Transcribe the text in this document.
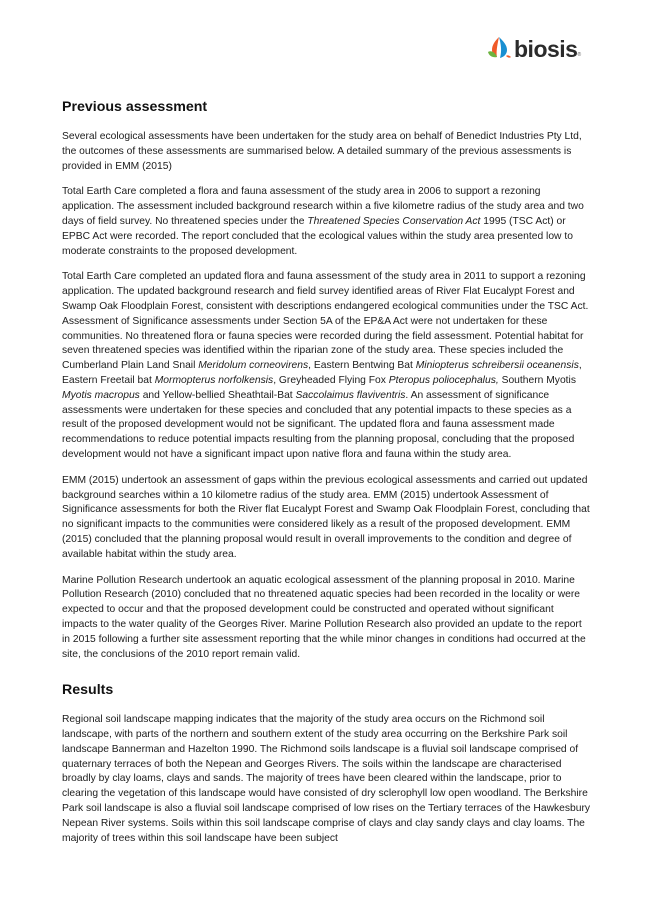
biosis ®
Previous assessment

Several ecological assessments have been undertaken for the study area on behalf of Benedict Industries Pty Ltd, the outcomes of these assessments are summarised below. A detailed summary of the previous assessments is provided in EMM (2015)

Total Earth Care completed a flora and fauna assessment of the study area in 2006 to support a rezoning application. The assessment included background research within a five kilometre radius of the study area and two days of field survey. No threatened species under the Threatened Species Conservation Act 1995 (TSC Act) or EPBC Act were recorded. The report concluded that the ecological values within the study area presented low to moderate constraints to the proposed development.

Total Earth Care completed an updated flora and fauna assessment of the study area in 2011 to support a rezoning application. The updated background research and field survey identified areas of River Flat Eucalypt Forest and Swamp Oak Floodplain Forest, consistent with descriptions endangered ecological communities under the TSC Act. Assessment of Significance assessments under Section 5A of the EP&A Act were not undertaken for these communities. No threatened flora or fauna species were recorded during the field assessment. Potential habitat for seven threatened species was identified within the riparian zone of the study area. These species included the Cumberland Plain Land Snail Meridolum corneovirens, Eastern Bentwing Bat Miniopterus schreibersii oceanensis, Eastern Freetail bat Mormopterus norfolkensis, Greyheaded Flying Fox Pteropus poliocephalus, Southern Myotis Myotis macropus and Yellow-bellied Sheathtail-Bat Saccolaimus flaviventris. An assessment of significance assessments were undertaken for these species and concluded that any potential impacts to these species as a result of the proposed development would not be significant. The updated flora and fauna assessment made recommendations to reduce potential impacts resulting from the planning proposal, concluding that the proposed development would not have a significant impact upon native flora and fauna within the study area.

EMM (2015) undertook an assessment of gaps within the previous ecological assessments and carried out updated background searches within a 10 kilometre radius of the study area. EMM (2015) undertook Assessment of Significance assessments for both the River flat Eucalypt Forest and Swamp Oak Floodplain Forest, concluding that no significant impacts to the communities were considered likely as a result of the proposed development. EMM (2015) concluded that the planning proposal would result in overall improvements to the condition and degree of available habitat within the study area.

Marine Pollution Research undertook an aquatic ecological assessment of the planning proposal in 2010. Marine Pollution Research (2010) concluded that no threatened aquatic species had been recorded in the locality or were expected to occur and that the proposed development could be constructed and operated without significant impacts to the water quality of the Georges River. Marine Pollution Research also provided an update to the report in 2015 following a further site assessment reporting that the while minor changes in conditions had occurred at the site, the conclusions of the 2010 report remain valid.

Results

Regional soil landscape mapping indicates that the majority of the study area occurs on the Richmond soil landscape, with parts of the northern and southern extent of the study area occurring on the Berkshire Park soil landscape Bannerman and Hazelton 1990. The Richmond soils landscape is a fluvial soil landscape comprised of quaternary terraces of both the Nepean and Georges Rivers. The soils within the landscape are characterised broadly by clay loams, clays and sands. The majority of trees have been cleared within the landscape, prior to clearing the vegetation of this landscape would have consisted of dry sclerophyll low open woodland. The Berkshire Park soil landscape is also a fluvial soil landscape comprised of low rises on the Tertiary terraces of the Hawkesbury Nepean River systems. Soils within this soil landscape comprise of clays and clay sandy clays and clay loams. The majority of trees within this soil landscape have been subject
